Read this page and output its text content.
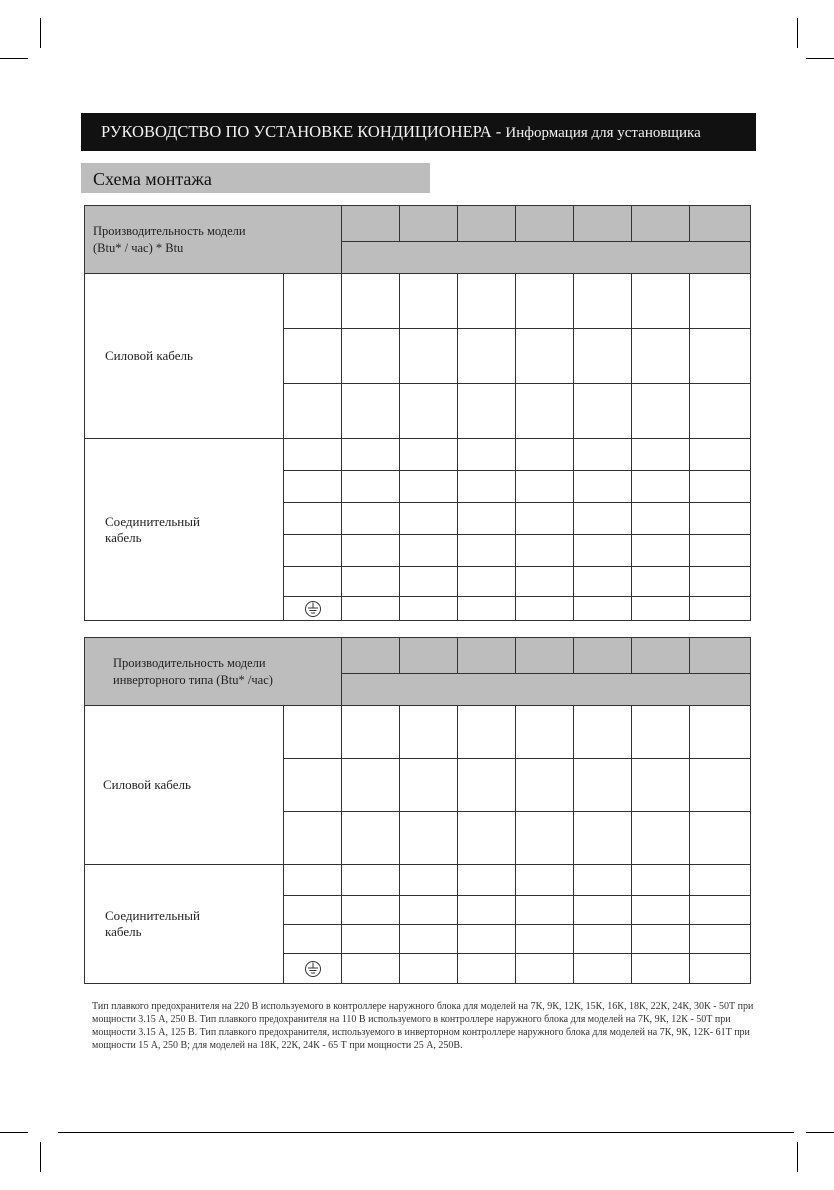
РУКОВОДСТВО ПО УСТАНОВКЕ КОНДИЦИОНЕРА - Информация для установщика
Схема монтажа
Производительность модели
(Btu* / час) * Btu								

Силовой кабель								

Соединительный
кабель								

Производительность модели
инверторного типа (Btu* /час)								

Силовой кабель								

Соединительный
кабель								

Тип плавкого предохранителя на 220 В используемого в контроллере наружного блока для моделей на 7К, 9К, 12К, 15К, 16К, 18К, 22К, 24К, 30К - 50Т при мощности 3.15 А, 250 В. Тип плавкого предохранителя на 110 В используемого в контроллере наружного блока для моделей на 7К, 9К, 12К - 50Т при мощности 3.15 А, 125 В. Тип плавкого предохранителя, используемого в инверторном контроллере наружного блока для моделей на 7К, 9К, 12К- 61Т при мощности 15 А, 250 В; для моделей на 18К, 22К, 24К - 65 Т при мощности 25 А, 250В.
